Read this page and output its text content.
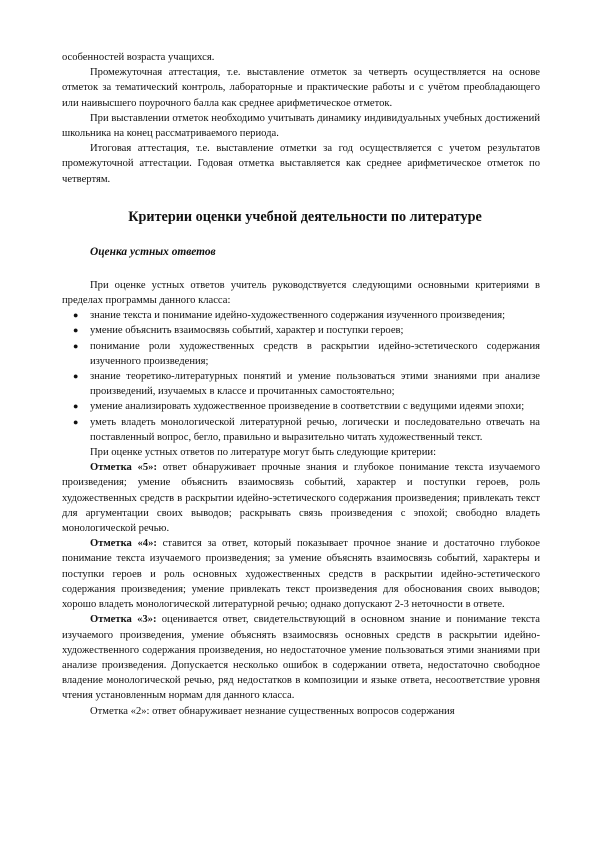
особенностей возраста учащихся.

Промежуточная аттестация, т.е. выставление отметок за четверть осуществляется на основе отметок за тематический контроль, лабораторные и практические работы и с учётом преобладающего или наивысшего поурочного балла как среднее арифметическое отметок.

При выставлении отметок необходимо учитывать динамику индивидуальных учебных достижений школьника на конец рассматриваемого периода.

Итоговая аттестация, т.е. выставление отметки за год осуществляется с учетом результатов промежуточной аттестации. Годовая отметка выставляется как среднее арифметическое отметок по четвертям.

Критерии оценки учебной деятельности по литературе
Оценка устных ответов

При оценке устных ответов учитель руководствуется следующими основными критериями в пределах программы данного класса:

● знание текста и понимание идейно-художественного содержания изученного произведения;
● умение объяснить взаимосвязь событий, характер и поступки героев;
● понимание роли художественных средств в раскрытии идейно-эстетического содержания изученного произведения;
● знание теоретико-литературных понятий и умение пользоваться этими знаниями при анализе произведений, изучаемых в классе и прочитанных самостоятельно;
● умение анализировать художественное произведение в соответствии с ведущими идеями эпохи;
● уметь владеть монологической литературной речью, логически и последовательно отвечать на поставленный вопрос, бегло, правильно и выразительно читать художественный текст.

При оценке устных ответов по литературе могут быть следующие критерии:

Отметка «5»: ответ обнаруживает прочные знания и глубокое понимание текста изучаемого произведения; умение объяснить взаимосвязь событий, характер и поступки героев, роль художественных средств в раскрытии идейно-эстетического содержания произведения; привлекать текст для аргументации своих выводов; раскрывать связь произведения с эпохой; свободно владеть монологической речью.

Отметка «4»: ставится за ответ, который показывает прочное знание и достаточно глубокое понимание текста изучаемого произведения; за умение объяснять взаимосвязь событий, характеры и поступки героев и роль основных художественных средств в раскрытии идейно-эстетического содержания произведения; умение привлекать текст произведения для обоснования своих выводов; хорошо владеть монологической литературной речью; однако допускают 2-3 неточности в ответе.

Отметка «3»: оценивается ответ, свидетельствующий в основном знание и понимание текста изучаемого произведения, умение объяснять взаимосвязь основных средств в раскрытии идейно-художественного содержания произведения, но недостаточное умение пользоваться этими знаниями при анализе произведения. Допускается несколько ошибок в содержании ответа, недостаточно свободное владение монологической речью, ряд недостатков в композиции и языке ответа, несоответствие уровня чтения установленным нормам для данного класса.

Отметка «2»: ответ обнаруживает незнание существенных вопросов содержания
